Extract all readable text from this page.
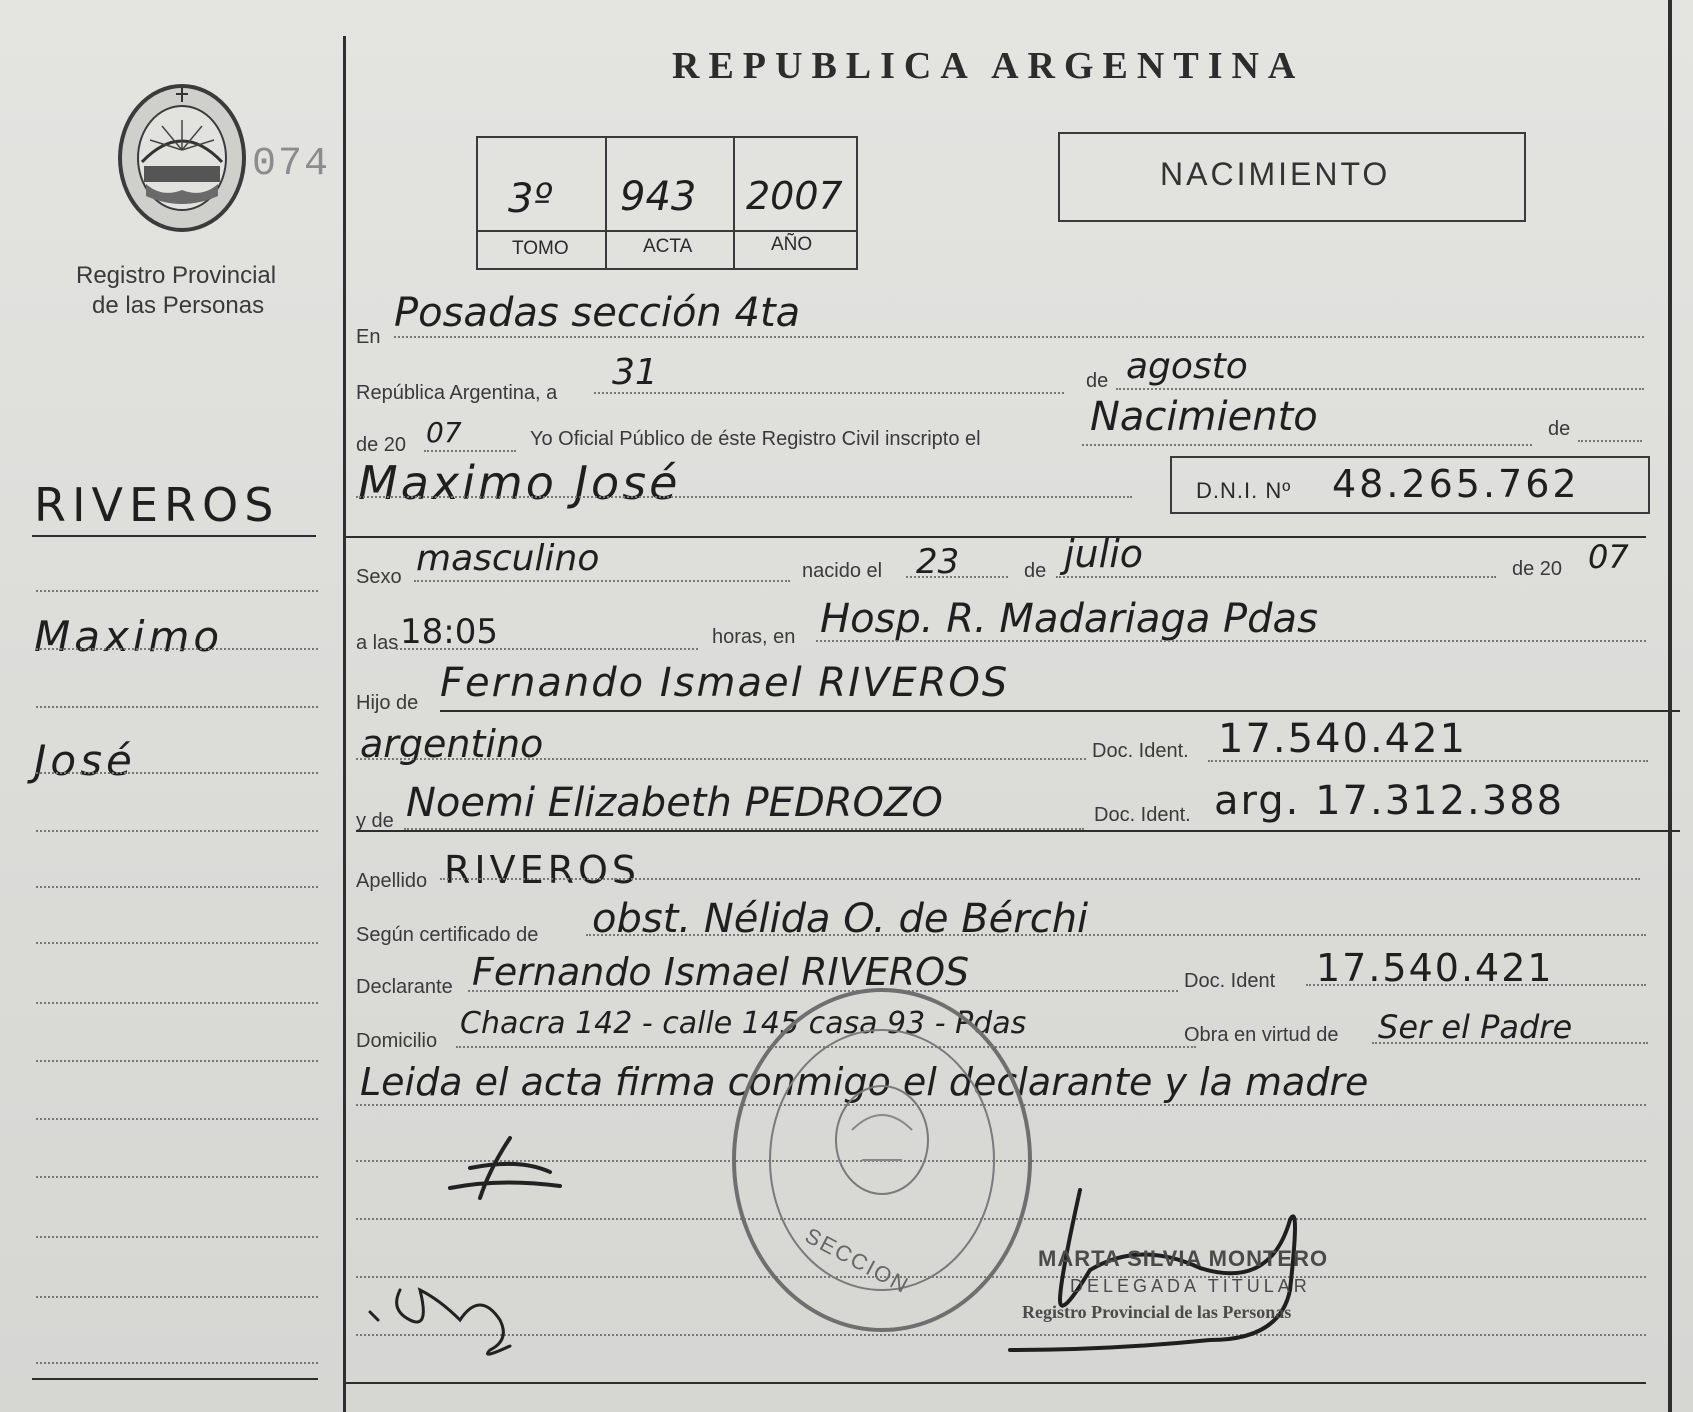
074
Registro Provincial
de las Personas
REPUBLICA ARGENTINA
3º 943 2007
TOMO	ACTA	AÑO
NACIMIENTO
RIVEROS
Maximo
José
En
Posadas sección 4ta
República Argentina, a 31	de agosto
de 20 07	Yo Oficial Público de éste Registro Civil inscripto el	Nacimiento	de
Maximo José	D.N.I. Nº 48.265.762
Sexo masculino	nacido el 23	de julio	de 20 07
a las 18:05	horas, en Hosp. R. Madariaga Pdas
Hijo de Fernando Ismael RIVEROS
argentino	Doc. Ident. 17.540.421
y de Noemi Elizabeth PEDROZO	Doc. Ident. arg. 17.312.388
Apellido RIVEROS
Según certificado de obst. Nélida O. de Bérchi
Declarante Fernando Ismael RIVEROS	Doc. Ident 17.540.421
Domicilio Chacra 142 - calle 145 casa 93 - Pdas	Obra en virtud de Ser el Padre
Leida el acta firma conmigo el declarante y la madre
SECCION	MARTA SILVIA MONTERO
DELEGADA TITULAR
Registro Provincial de las Personas
